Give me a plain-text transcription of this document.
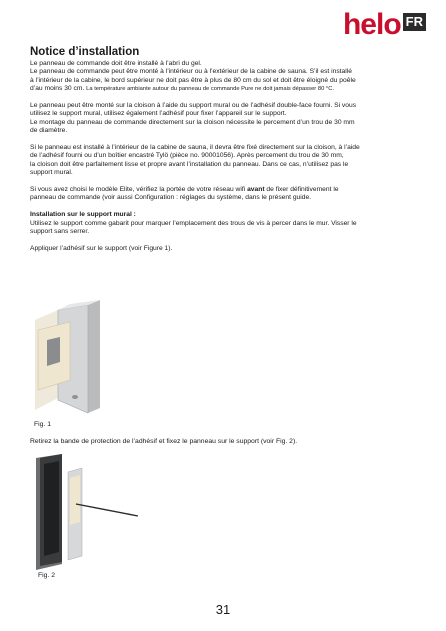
helo FR
Notice d’installation

Le panneau de commande doit être installé à l’abri du gel.
Le panneau de commande peut être monté à l’intérieur ou à l’extérieur de la cabine de sauna. S’il est installé
à l’intérieur de la cabine, le bord supérieur ne doit pas être à plus de 80 cm du sol et doit être éloigné du poêle
d’au moins 30 cm. La température ambiante autour du panneau de commande Pure ne doit jamais dépasser 80 °C.

Le panneau peut être monté sur la cloison à l’aide du support mural ou de l’adhésif double-face fourni. Si vous
utilisez le support mural, utilisez également l’adhésif pour fixer l’appareil sur le support.
Le montage du panneau de commande directement sur la cloison nécessite le percement d’un trou de 30 mm
de diamètre.

Si le panneau est installé à l’intérieur de la cabine de sauna, il devra être fixé directement sur la cloison, à l’aide
de l’adhésif fourni ou d’un boîtier encastré Tylö (pièce no. 90001056). Après percement du trou de 30 mm,
la cloison doit être parfaitement lisse et propre avant l’installation du panneau. Dans ce cas, n’utilisez pas le
support mural.

Si vous avez choisi le modèle Elite, vérifiez la portée de votre réseau wifi avant de fixer définitivement le
panneau de commande (voir aussi Configuration : réglages du système, dans le présent guide.

Installation sur le support mural :

Utilisez le support comme gabarit pour marquer l’emplacement des trous de vis à percer dans le mur. Visser le
support sans serrer.

Appliquer l’adhésif sur le support (voir Figure 1).

Fig. 1
Retirez la bande de protection de l’adhésif et fixez le panneau sur le support (voir Fig. 2).
Fig. 2
31
